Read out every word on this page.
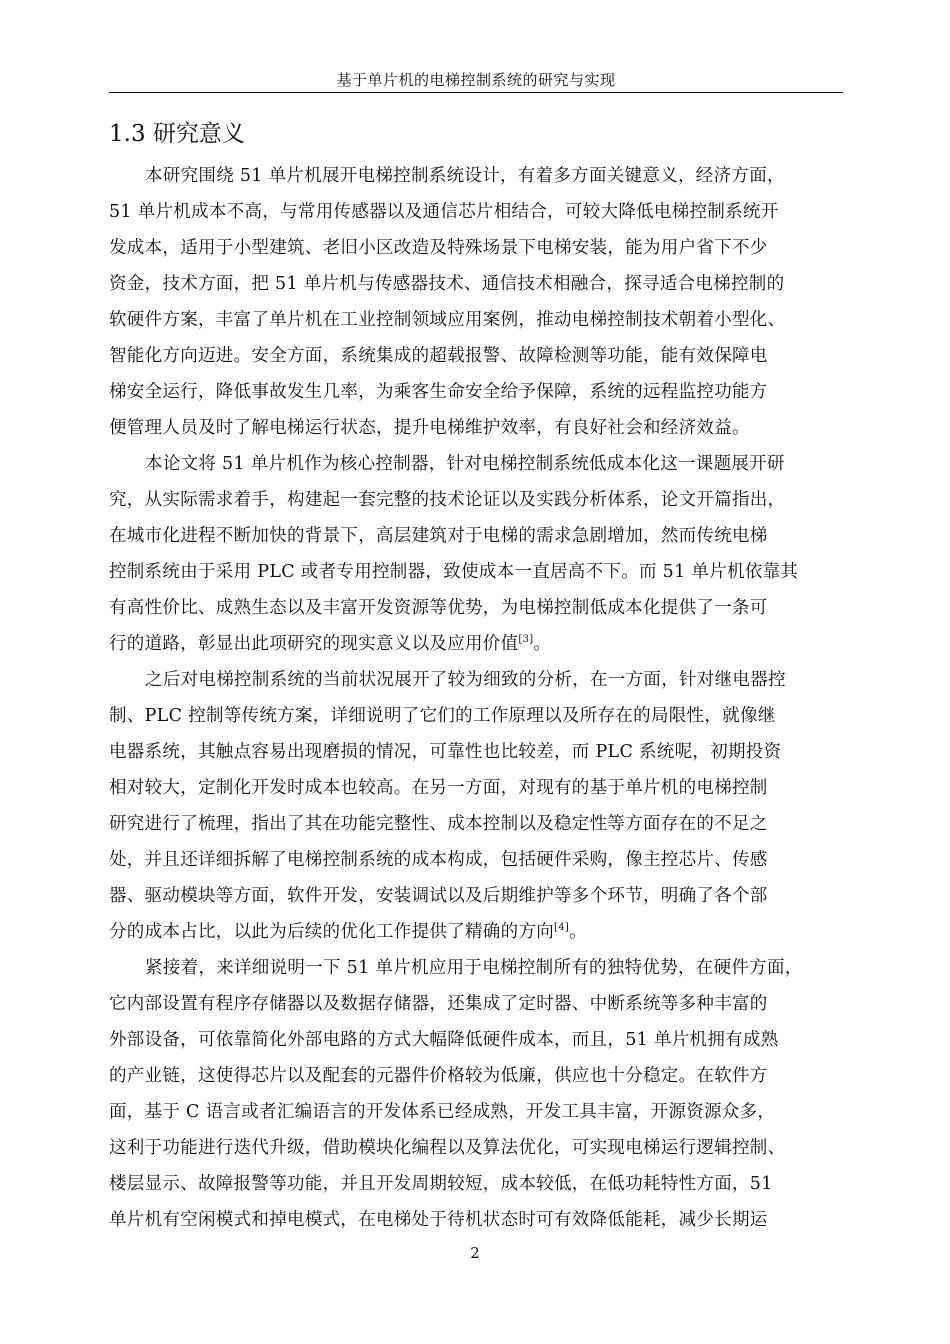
基于单片机的电梯控制系统的研究与实现
1.3 研究意义
本研究围绕 51 单片机展开电梯控制系统设计，有着多方面关键意义，经济方面，
51 单片机成本不高，与常用传感器以及通信芯片相结合，可较大降低电梯控制系统开
发成本，适用于小型建筑、老旧小区改造及特殊场景下电梯安装，能为用户省下不少
资金，技术方面，把 51 单片机与传感器技术、通信技术相融合，探寻适合电梯控制的
软硬件方案，丰富了单片机在工业控制领域应用案例，推动电梯控制技术朝着小型化、
智能化方向迈进。安全方面，系统集成的超载报警、故障检测等功能，能有效保障电
梯安全运行，降低事故发生几率，为乘客生命安全给予保障，系统的远程监控功能方
便管理人员及时了解电梯运行状态，提升电梯维护效率，有良好社会和经济效益。
本论文将 51 单片机作为核心控制器，针对电梯控制系统低成本化这一课题展开研
究，从实际需求着手，构建起一套完整的技术论证以及实践分析体系，论文开篇指出，
在城市化进程不断加快的背景下，高层建筑对于电梯的需求急剧增加，然而传统电梯
控制系统由于采用 PLC 或者专用控制器，致使成本一直居高不下。而 51 单片机依靠其
有高性价比、成熟生态以及丰富开发资源等优势，为电梯控制低成本化提供了一条可
行的道路，彰显出此项研究的现实意义以及应用价值[3]。
之后对电梯控制系统的当前状况展开了较为细致的分析，在一方面，针对继电器控
制、PLC 控制等传统方案，详细说明了它们的工作原理以及所存在的局限性，就像继
电器系统，其触点容易出现磨损的情况，可靠性也比较差，而 PLC 系统呢，初期投资
相对较大，定制化开发时成本也较高。在另一方面，对现有的基于单片机的电梯控制
研究进行了梳理，指出了其在功能完整性、成本控制以及稳定性等方面存在的不足之
处，并且还详细拆解了电梯控制系统的成本构成，包括硬件采购，像主控芯片、传感
器、驱动模块等方面，软件开发，安装调试以及后期维护等多个环节，明确了各个部
分的成本占比，以此为后续的优化工作提供了精确的方向[4]。
紧接着，来详细说明一下 51 单片机应用于电梯控制所有的独特优势，在硬件方面，
它内部设置有程序存储器以及数据存储器，还集成了定时器、中断系统等多种丰富的
外部设备，可依靠简化外部电路的方式大幅降低硬件成本，而且，51 单片机拥有成熟
的产业链，这使得芯片以及配套的元器件价格较为低廉，供应也十分稳定。在软件方
面，基于 C 语言或者汇编语言的开发体系已经成熟，开发工具丰富，开源资源众多，
这利于功能进行迭代升级，借助模块化编程以及算法优化，可实现电梯运行逻辑控制、
楼层显示、故障报警等功能，并且开发周期较短，成本较低，在低功耗特性方面，51
单片机有空闲模式和掉电模式，在电梯处于待机状态时可有效降低能耗，减少长期运
2
